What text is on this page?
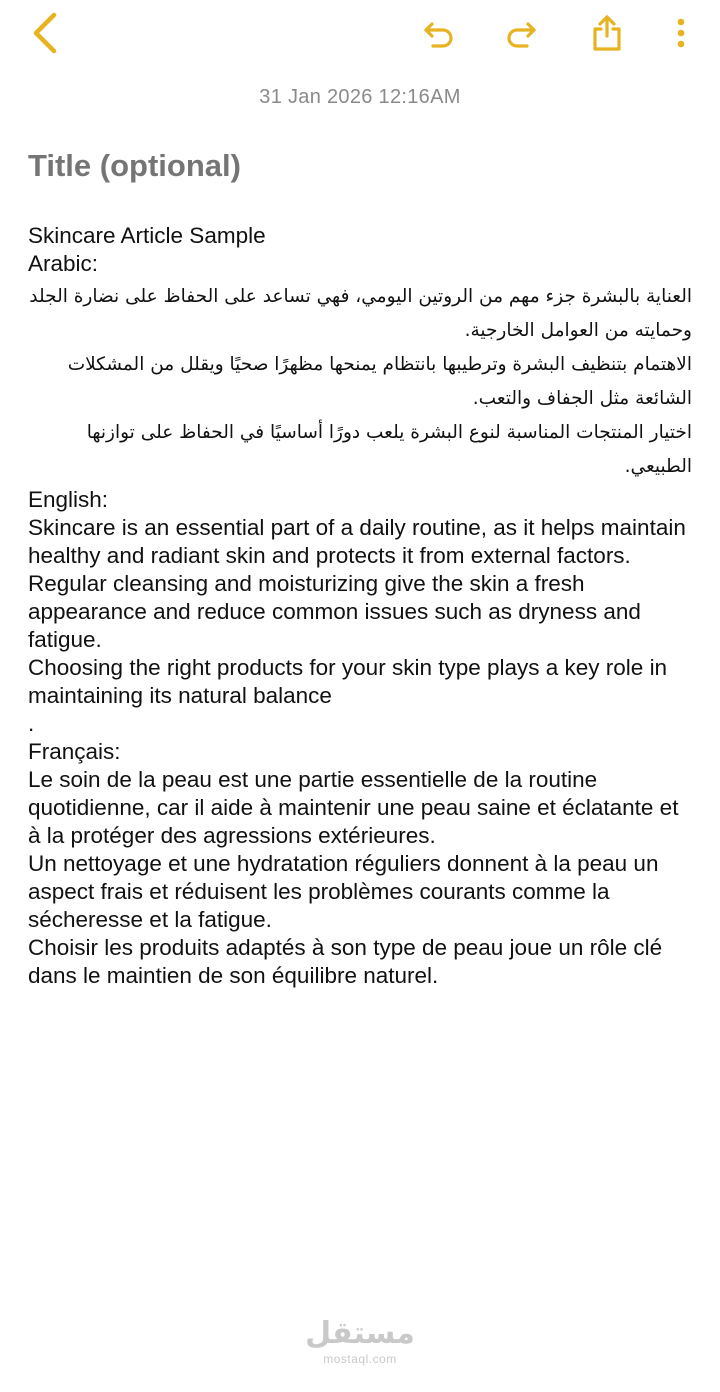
31 Jan 2026 12:16AM
Title (optional)
Skincare Article Sample
Arabic:
العناية بالبشرة جزء مهم من الروتين اليومي، فهي تساعد على الحفاظ على نضارة الجلد وحمايته من العوامل الخارجية.
الاهتمام بتنظيف البشرة وترطيبها بانتظام يمنحها مظهرًا صحيًا ويقلل من المشكلات الشائعة مثل الجفاف والتعب.
اختيار المنتجات المناسبة لنوع البشرة يلعب دورًا أساسيًا في الحفاظ على توازنها الطبيعي.
English:
Skincare is an essential part of a daily routine, as it helps maintain healthy and radiant skin and protects it from external factors.
Regular cleansing and moisturizing give the skin a fresh appearance and reduce common issues such as dryness and fatigue.
Choosing the right products for your skin type plays a key role in maintaining its natural balance
.
Français:
Le soin de la peau est une partie essentielle de la routine quotidienne, car il aide à maintenir une peau saine et éclatante et à la protéger des agressions extérieures.
Un nettoyage et une hydratation réguliers donnent à la peau un aspect frais et réduisent les problèmes courants comme la sécheresse et la fatigue.
Choisir les produits adaptés à son type de peau joue un rôle clé dans le maintien de son équilibre naturel.
مستقل
mostaql.com
